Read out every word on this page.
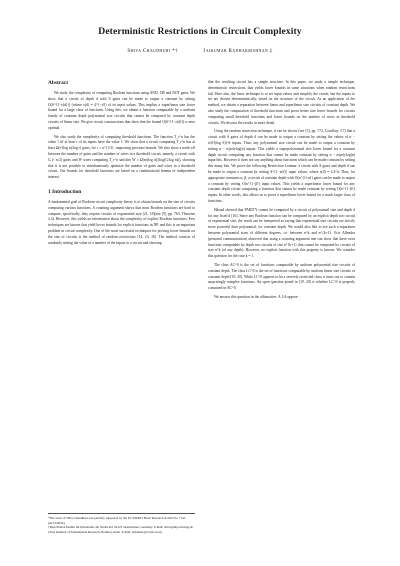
Deterministic Restrictions in Circuit Complexity
Shiva Chaudhuri *†	Jaikumar Radhakrishnan ‡
Abstract

We study the complexity of computing Boolean functions using AND, OR and NOT gates. We show that a circuit of depth d with S gates can be made to output a constant by setting O(S^{1−ε(d)}) (where ε(d) = 4^{−d}) of its input values. This implies a superlinear size lower bound for a large class of functions. Using this, we obtain a function computable by a uniform family of constant depth polynomial size circuits that cannot be computed by constant depth circuits of linear size. We give circuit constructions that show that the bound O(S^{1−ε(d)}) is near optimal.

We also study the complexity of computing threshold functions. The function T_r^n has the value 1 iff at least r of its inputs have the value 1. We show that a circuit computing T_r^n has at least Ω(r²(log n)/log r) gates, for r ≤ n^{1/3}, improving previous bounds. We also show a trade-off between the number of gates and the number of wires in a threshold circuit, namely, a circuit with G (< n/2) gates and W wires computing T_r^n satisfies W ≥ Ω(nr(log n)/(log(G/log n))), showing that it is not possible to simultaneously optimize the number of gates and wires in a threshold circuit. Our bounds for threshold functions are based on a combinatorial lemma of independent interest.

1 Introduction

A fundamental goal of Boolean circuit complexity theory is to obtain bounds on the size of circuits computing various functions. A counting argument shows that most Boolean functions are hard to compute, specifically, they require circuits of exponential size [21, 18](see [5], pp. 763, Theorem 2.4). However, this yields no information about the complexity of explicit Boolean functions. Few techniques are known that yield lower bounds for explicit functions in NP, and this is an important problem in circuit complexity. One of the most successful techniques for proving lower bounds on the size of circuits is the method of random restrictions [14, 23, 16]. The method consists of randomly setting the value of a number of the inputs to a circuit and showing

that the resulting circuit has a simple structure. In this paper, we study a simple technique, deterministic restrictions, that yields lower bounds in some situations when random restrictions fail. Here also, the basic technique is to set input values and simplify the circuit, but the inputs to set are chosen deterministically, based on the structure of the circuit. As an application of the method, we obtain a separation between linear and superlinear size circuits of constant depth. We also study the computation of threshold functions and prove better size lower bounds for circuits computing small threshold functions and lower bounds on the number of wires in threshold circuits. We discuss the results in more detail.

Using the random restriction technique, it can be shown (see [5], pp. 772, Corollary 3.7) that a circuit with S gates of depth d can be made to output a constant by setting the values of n − n/(O(log S))^d inputs. Thus, any polynomial size circuit can be made to output a constant by setting n − n/polylog(n) inputs. This yields a superpolynomial size lower bound for a constant depth circuit computing any function that cannot be made constant by setting n − n/polylog(n) input bits. However it does not say anything about functions which can be made constant by setting this many bits. We prove the following Restriction Lemma: a circuit with S gates and depth d can be made to output a constant by setting S^{1−ε(d)} input values, where ε(d) = 1/4^d. Thus, for appropriate constants α, β, a circuit of constant depth with O(n^{1+α}) gates can be made to output a constant by setting O(n^{1−β}) input values. This yields a superlinear lower bound for any constant depth circuit computing a function that cannot be made constant by setting O(n^{1−β}) inputs. In other words, this allows us to prove a superlinear lower bound for a much larger class of functions.

Håstad showed that PARITY cannot be computed by a circuit of polynomial size and depth d for any fixed d [16]. Since any Boolean function can be computed by an explicit depth two circuit of exponential size, the result can be interpreted as saying that exponential size circuits are strictly more powerful than polynomial, for constant depth. We would also like to see such a separation between polynomial sizes of different degrees, i.e. between n^k and n^{k+1}. Eric Allender (personal communication) observed that using a counting argument one can show that there exist functions computable by depth two circuits of size n^{k+1} that cannot be computed by circuits of size n^k (of any depth). However, no explicit function with this property is known. We consider this question for the case k = 1.

The class AC^0 is the set of functions computable by uniform polynomial size circuits of constant depth. The class LC^0 is the set of functions computable by uniform linear size circuits of constant depth [19, 20]. While LC^0 appears to be a severely restricted class, it turns out to contain surprisingly complex functions. An open question posed in [19, 20] is whether LC^0 is properly contained in AC^0.

We answer this question in the affirmative. A 1/4-approx-

*The work of Shiva Chaudhuri was partially supported by the EC ESPRIT Basic Research Action No. 7141 (ALCOM II).
†Max-Planck Institut für Informatik, Im Stadtwald, 66123 Saarbrücken, Germany. E-mail: shiva@mpi-sb.mpg.de
‡Tata Institute of Fundamental Research, Bombay, India. E-mail: jaikumar@tcs.tifr.res.in
